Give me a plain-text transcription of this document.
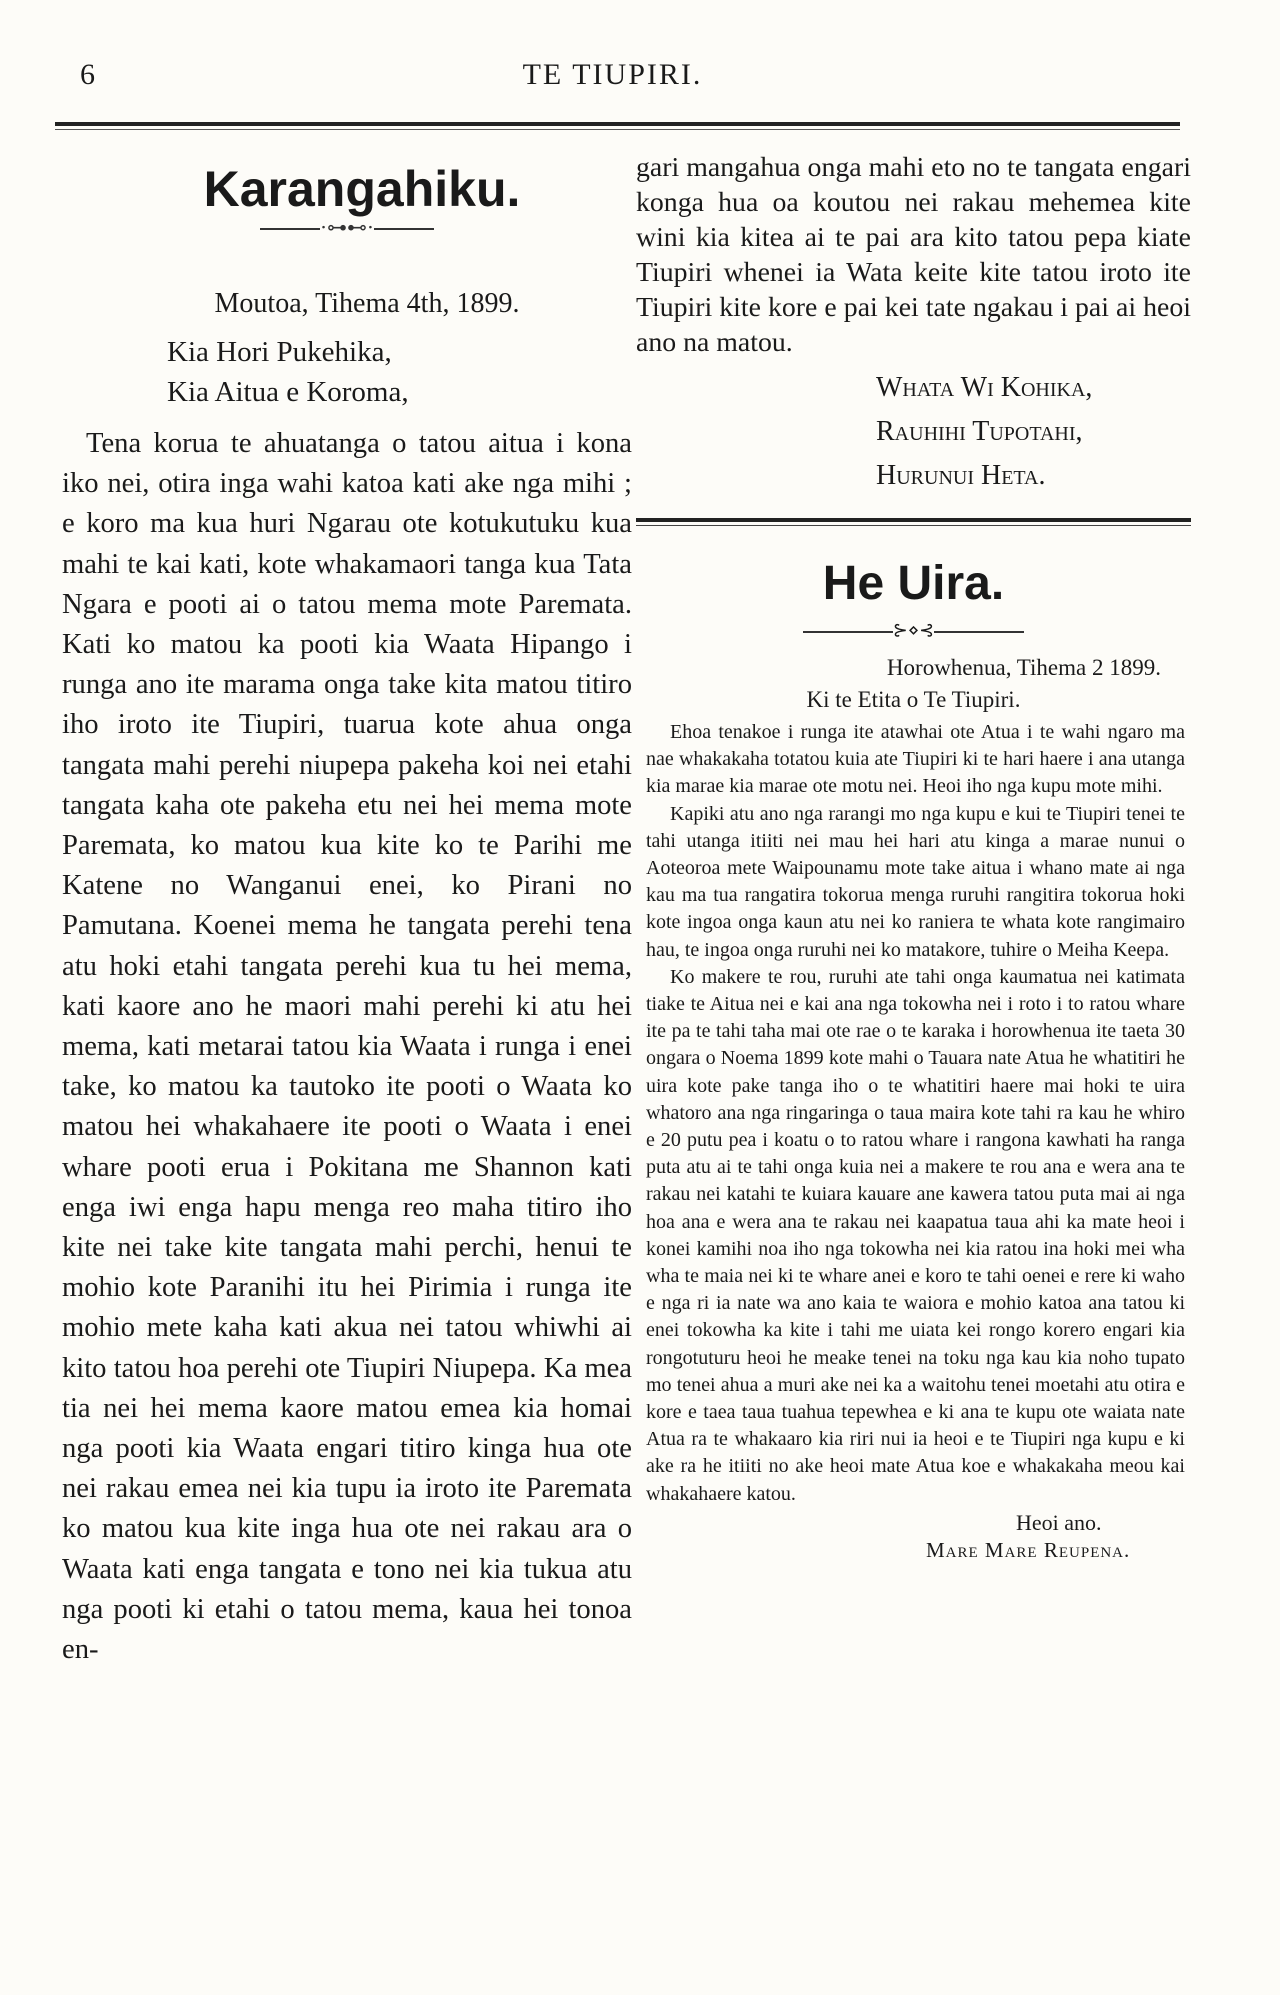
6	TE TIUPIRI.
Karangahiku.
⋅⊶⊷⋅
Moutoa, Tihema 4th, 1899.
Kia Hori Pukehika,
Kia Aitua e Koroma,

Tena korua te ahuatanga o tatou aitua i kona iko nei, otira inga wahi katoa kati ake nga mihi ; e koro ma kua huri Ngarau ote kotukutuku kua mahi te kai kati, kote whakamaori tanga kua Tata Ngara e pooti ai o tatou mema mote Paremata. Kati ko matou ka pooti kia Waata Hipango i runga ano ite marama onga take kita matou titiro iho iroto ite Tiupiri, tuarua kote ahua onga tangata mahi perehi niupepa pakeha koi nei etahi tangata kaha ote pakeha etu nei hei mema mote Paremata, ko matou kua kite ko te Parihi me Katene no Wanganui enei, ko Pirani no Pamutana. Koenei mema he tangata perehi tena atu hoki etahi tangata perehi kua tu hei mema, kati kaore ano he maori mahi perehi ki atu hei mema, kati metarai tatou kia Waata i runga i enei take, ko matou ka tautoko ite pooti o Waata ko matou hei whakahaere ite pooti o Waata i enei whare pooti erua i Pokitana me Shannon kati enga iwi enga hapu menga reo maha titiro iho kite nei take kite tangata mahi perchi, henui te mohio kote Paranihi itu hei Pirimia i runga ite mohio mete kaha kati akua nei tatou whiwhi ai kito tatou hoa perehi ote Tiupiri Niupepa. Ka mea tia nei hei mema kaore matou emea kia homai nga pooti kia Waata engari titiro kinga hua ote nei rakau emea nei kia tupu ia iroto ite Paremata ko matou kua kite inga hua ote nei rakau ara o Waata kati enga tangata e tono nei kia tukua atu nga pooti ki etahi o tatou mema, kaua hei tonoa en-

gari mangahua onga mahi eto no te tangata engari konga hua oa koutou nei rakau mehemea kite wini kia kitea ai te pai ara kito tatou pepa kiate Tiupiri whenei ia Wata keite kite tatou iroto ite Tiupiri kite kore e pai kei tate ngakau i pai ai heoi ano na matou.

Whata Wi Kohika,
Rauhihi Tupotahi,
Hurunui Heta.
He Uira.
⊱⋄⊰
Horowhenua, Tihema 2 1899.
Ki te Etita o Te Tiupiri.

Ehoa tenakoe i runga ite atawhai ote Atua i te wahi ngaro ma nae whakakaha totatou kuia ate Tiupiri ki te hari haere i ana utanga kia marae kia marae ote motu nei. Heoi iho nga kupu mote mihi.

Kapiki atu ano nga rarangi mo nga kupu e kui te Tiupiri tenei te tahi utanga itiiti nei mau hei hari atu kinga a marae nunui o Aoteoroa mete Waipounamu mote take aitua i whano mate ai nga kau ma tua rangatira tokorua menga ruruhi rangitira tokorua hoki kote ingoa onga kaun atu nei ko raniera te whata kote rangimairo hau, te ingoa onga ruruhi nei ko matakore, tuhire o Meiha Keepa.

Ko makere te rou, ruruhi ate tahi onga kaumatua nei katimata tiake te Aitua nei e kai ana nga tokowha nei i roto i to ratou whare ite pa te tahi taha mai ote rae o te karaka i horowhenua ite taeta 30 ongara o Noema 1899 kote mahi o Tauara nate Atua he whatitiri he uira kote pake tanga iho o te whatitiri haere mai hoki te uira whatoro ana nga ringaringa o taua maira kote tahi ra kau he whiro e 20 putu pea i koatu o to ratou whare i rangona kawhati ha ranga puta atu ai te tahi onga kuia nei a makere te rou ana e wera ana te rakau nei katahi te kuiara kauare ane kawera tatou puta mai ai nga hoa ana e wera ana te rakau nei kaapatua taua ahi ka mate heoi i konei kamihi noa iho nga tokowha nei kia ratou ina hoki mei wha wha te maia nei ki te whare anei e koro te tahi oenei e rere ki waho e nga ri ia nate wa ano kaia te waiora e mohio katoa ana tatou ki enei tokowha ka kite i tahi me uiata kei rongo korero engari kia rongotuturu heoi he meake tenei na toku nga kau kia noho tupato mo tenei ahua a muri ake nei ka a waitohu tenei moetahi atu otira e kore e taea taua tuahua tepewhea e ki ana te kupu ote waiata nate Atua ra te whakaaro kia riri nui ia heoi e te Tiupiri nga kupu e ki ake ra he itiiti no ake heoi mate Atua koe e whakakaha meou kai whakahaere katou.

Heoi ano.
Mare Mare Reupena.
